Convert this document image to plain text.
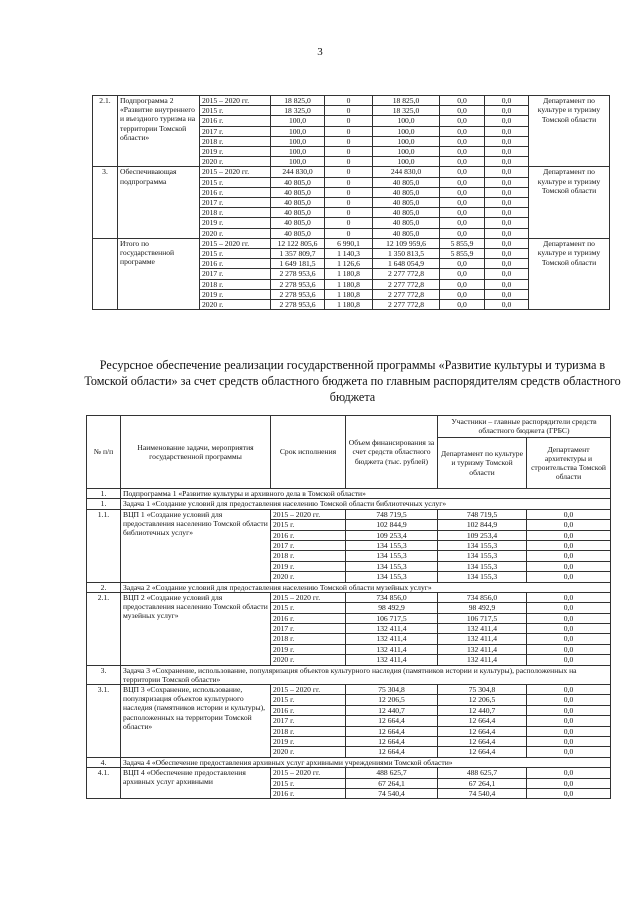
3
2.1.	Подпрограмма 2 «Развитие внутреннего и въездного туризма на территории Томской области»	2015 – 2020 гг.	18 825,0	0	18 825,0	0,0	0,0	Департамент по культуре и туризму Томской области
		2015 г.	18 325,0	0	18 325,0	0,0	0,0	
		2016 г.	100,0	0	100,0	0,0	0,0	
		2017 г.	100,0	0	100,0	0,0	0,0	
		2018 г.	100,0	0	100,0	0,0	0,0	
		2019 г.	100,0	0	100,0	0,0	0,0	
		2020 г.	100,0	0	100,0	0,0	0,0	
3.	Обеспечивающая подпрограмма	2015 – 2020 гг.	244 830,0	0	244 830,0	0,0	0,0	Департамент по культуре и туризму Томской области
		2015 г.	40 805,0	0	40 805,0	0,0	0,0	
		2016 г.	40 805,0	0	40 805,0	0,0	0,0	
		2017 г.	40 805,0	0	40 805,0	0,0	0,0	
		2018 г.	40 805,0	0	40 805,0	0,0	0,0	
		2019 г.	40 805,0	0	40 805,0	0,0	0,0	
		2020 г.	40 805,0	0	40 805,0	0,0	0,0	
	Итого по государственной программе	2015 – 2020 гг.	12 122 805,6	6 990,1	12 109 959,6	5 855,9	0,0	Департамент по культуре и туризму Томской области
		2015 г.	1 357 809,7	1 140,3	1 350 813,5	5 855,9	0,0	
		2016 г.	1 649 181,5	1 126,6	1 648 054,9	0,0	0,0	
		2017 г.	2 278 953,6	1 180,8	2 277 772,8	0,0	0,0	
		2018 г.	2 278 953,6	1 180,8	2 277 772,8	0,0	0,0	
		2019 г.	2 278 953,6	1 180,8	2 277 772,8	0,0	0,0	
		2020 г.	2 278 953,6	1 180,8	2 277 772,8	0,0	0,0	
Ресурсное обеспечение реализации государственной программы «Развитие культуры и туризма в Томской области» за счет средств областного бюджета по главным распорядителям средств областного бюджета
№ п/п	Наименование задачи, мероприятия государственной программы	Срок исполнения	Объем финансирования за счет средств областного бюджета (тыс. рублей)	Участники – главные распорядители средств областного бюджета (ГРБС)	
				Департамент по культуре и туризму Томской области	Департамент архитектуры и строительства Томской области
1.	Подпрограмма 1 «Развитие культуры и архивного дела в Томской области»				
1.	Задача 1 «Создание условий для предоставления населению Томской области библиотечных услуг»				
1.1.	ВЦП 1 «Создание условий для предоставления населению Томской области библиотечных услуг»	2015 – 2020 гг.	748 719,5	748 719,5	0,0
		2015 г.	102 844,9	102 844,9	0,0
		2016 г.	109 253,4	109 253,4	0,0
		2017 г.	134 155,3	134 155,3	0,0
		2018 г.	134 155,3	134 155,3	0,0
		2019 г.	134 155,3	134 155,3	0,0
		2020 г.	134 155,3	134 155,3	0,0
2.	Задача 2 «Создание условий для предоставления населению Томской области музейных услуг»				
2.1.	ВЦП 2 «Создание условий для предоставления населению Томской области музейных услуг»	2015 – 2020 гг.	734 856,0	734 856,0	0,0
		2015 г.	98 492,9	98 492,9	0,0
		2016 г.	106 717,5	106 717,5	0,0
		2017 г.	132 411,4	132 411,4	0,0
		2018 г.	132 411,4	132 411,4	0,0
		2019 г.	132 411,4	132 411,4	0,0
		2020 г.	132 411,4	132 411,4	0,0
3.	Задача 3 «Сохранение, использование, популяризация объектов культурного наследия (памятников истории и культуры), расположенных на территории Томской области»				
3.1.	ВЦП 3 «Сохранение, использование, популяризация объектов культурного наследия (памятников истории и культуры), расположенных на территории Томской области»	2015 – 2020 гг.	75 304,8	75 304,8	0,0
		2015 г.	12 206,5	12 206,5	0,0
		2016 г.	12 440,7	12 440,7	0,0
		2017 г.	12 664,4	12 664,4	0,0
		2018 г.	12 664,4	12 664,4	0,0
		2019 г.	12 664,4	12 664,4	0,0
		2020 г.	12 664,4	12 664,4	0,0
4.	Задача 4 «Обеспечение предоставления архивных услуг архивными учреждениями Томской области»				
4.1.	ВЦП 4 «Обеспечение предоставления архивных услуг архивными	2015 – 2020 гг.	488 625,7	488 625,7	0,0
		2015 г.	67 264,1	67 264,1	0,0
		2016 г.	74 540,4	74 540,4	0,0
